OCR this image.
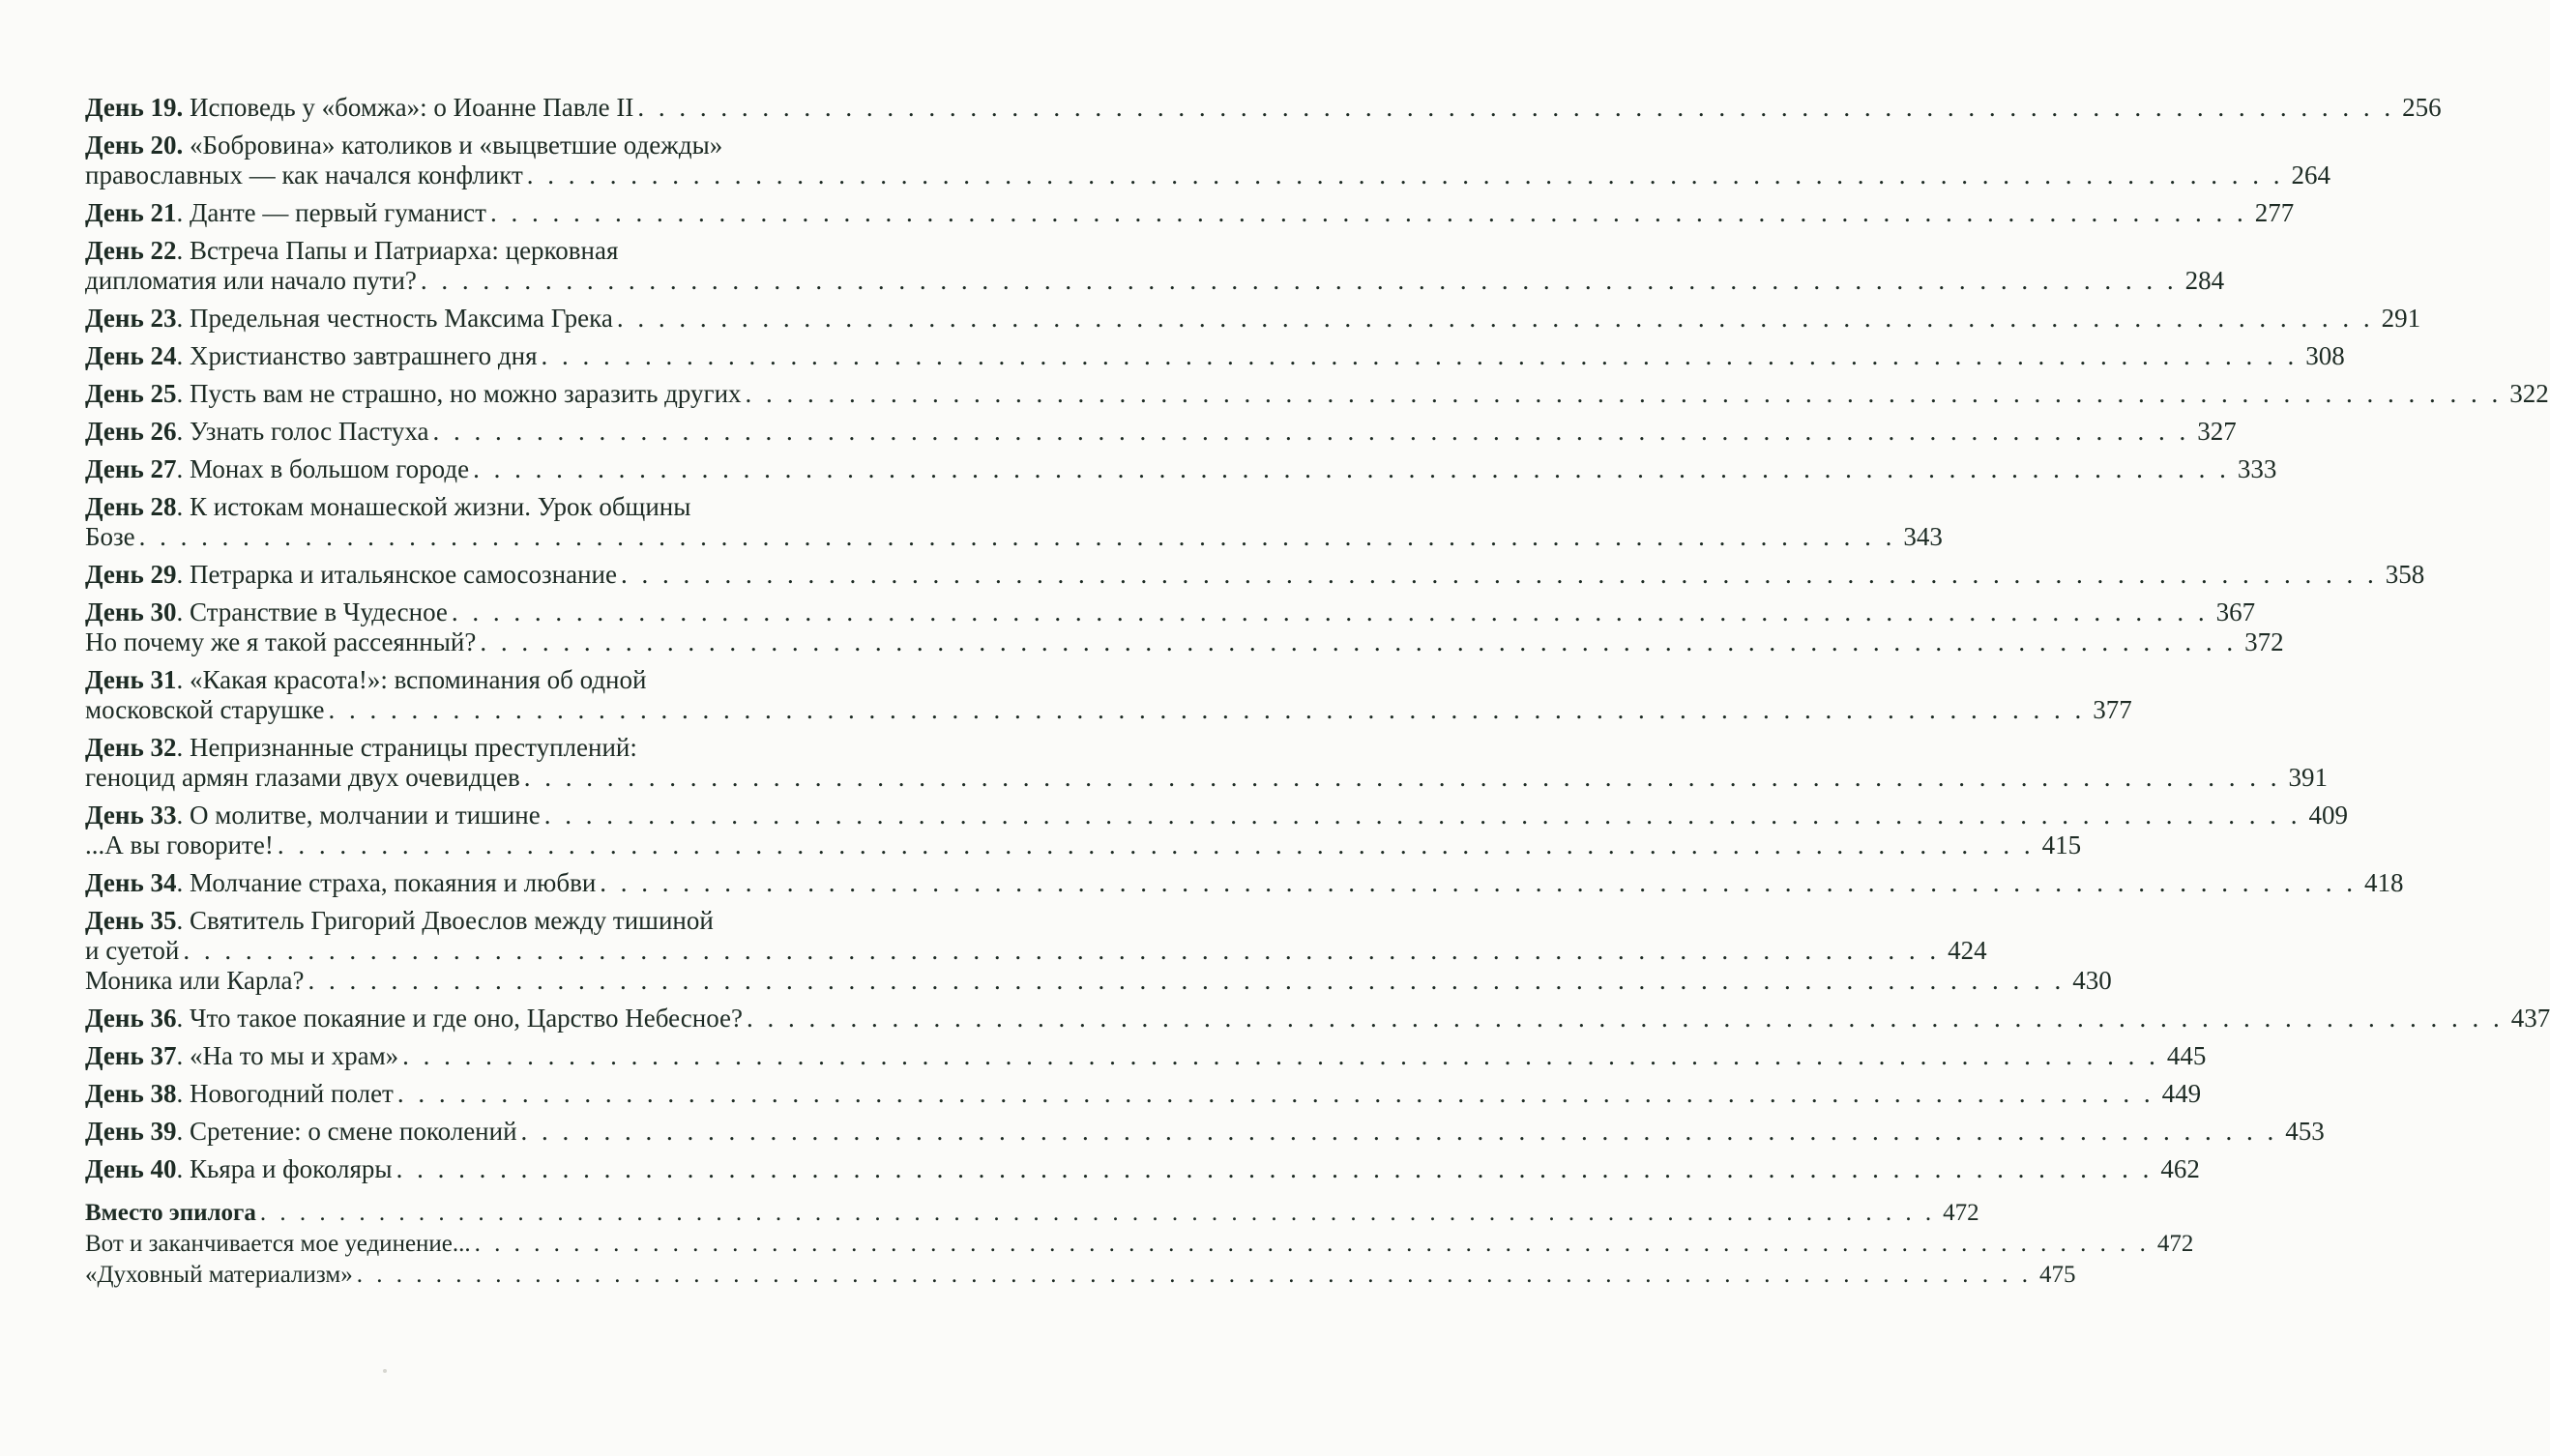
День 19. Исповедь у «бомжа»: о Иоанне Павле II . . . . . . . . . . . . . . . . . . . . . . . . . . . . . . . . . . . . . . . . . . . . . . . . . . . . . . . . . . . . . . . . . . . . . . . . . . . . . . . . . . . . . 256
День 20. «Бобровина» католиков и «выцветшие одежды»
православных — как начался конфликт . . . . . . . . . . . . . . . . . . . . . . . . . . . . . . . . . . . . . . . . . . . . . . . . . . . . . . . . . . . . . . . . . . . . . . . . . . . . . . . . . . . . . 264
День 21. Данте — первый гуманист . . . . . . . . . . . . . . . . . . . . . . . . . . . . . . . . . . . . . . . . . . . . . . . . . . . . . . . . . . . . . . . . . . . . . . . . . . . . . . . . . . . . . 277
День 22. Встреча Папы и Патриарха: церковная
дипломатия или начало пути? . . . . . . . . . . . . . . . . . . . . . . . . . . . . . . . . . . . . . . . . . . . . . . . . . . . . . . . . . . . . . . . . . . . . . . . . . . . . . . . . . . . . . 284
День 23. Предельная честность Максима Грека . . . . . . . . . . . . . . . . . . . . . . . . . . . . . . . . . . . . . . . . . . . . . . . . . . . . . . . . . . . . . . . . . . . . . . . . . . . . . . . . . . . . . 291
День 24. Христианство завтрашнего дня . . . . . . . . . . . . . . . . . . . . . . . . . . . . . . . . . . . . . . . . . . . . . . . . . . . . . . . . . . . . . . . . . . . . . . . . . . . . . . . . . . . . . 308
День 25. Пусть вам не страшно, но можно заразить других . . . . . . . . . . . . . . . . . . . . . . . . . . . . . . . . . . . . . . . . . . . . . . . . . . . . . . . . . . . . . . . . . . . . . . . . . . . . . . . . . . . . . 322
День 26. Узнать голос Пастуха . . . . . . . . . . . . . . . . . . . . . . . . . . . . . . . . . . . . . . . . . . . . . . . . . . . . . . . . . . . . . . . . . . . . . . . . . . . . . . . . . . . . . 327
День 27. Монах в большом городе . . . . . . . . . . . . . . . . . . . . . . . . . . . . . . . . . . . . . . . . . . . . . . . . . . . . . . . . . . . . . . . . . . . . . . . . . . . . . . . . . . . . . 333
День 28. К истокам монашеской жизни. Урок общины
Бозе . . . . . . . . . . . . . . . . . . . . . . . . . . . . . . . . . . . . . . . . . . . . . . . . . . . . . . . . . . . . . . . . . . . . . . . . . . . . . . . . . . . . . 343
День 29. Петрарка и итальянское самосознание . . . . . . . . . . . . . . . . . . . . . . . . . . . . . . . . . . . . . . . . . . . . . . . . . . . . . . . . . . . . . . . . . . . . . . . . . . . . . . . . . . . . . 358
День 30. Странствие в Чудесное . . . . . . . . . . . . . . . . . . . . . . . . . . . . . . . . . . . . . . . . . . . . . . . . . . . . . . . . . . . . . . . . . . . . . . . . . . . . . . . . . . . . . 367
Но почему же я такой рассеянный? . . . . . . . . . . . . . . . . . . . . . . . . . . . . . . . . . . . . . . . . . . . . . . . . . . . . . . . . . . . . . . . . . . . . . . . . . . . . . . . . . . . . . 372
День 31. «Какая красота!»: вспоминания об одной
московской старушке . . . . . . . . . . . . . . . . . . . . . . . . . . . . . . . . . . . . . . . . . . . . . . . . . . . . . . . . . . . . . . . . . . . . . . . . . . . . . . . . . . . . . 377
День 32. Непризнанные страницы преступлений:
геноцид армян глазами двух очевидцев . . . . . . . . . . . . . . . . . . . . . . . . . . . . . . . . . . . . . . . . . . . . . . . . . . . . . . . . . . . . . . . . . . . . . . . . . . . . . . . . . . . . . 391
День 33. О молитве, молчании и тишине . . . . . . . . . . . . . . . . . . . . . . . . . . . . . . . . . . . . . . . . . . . . . . . . . . . . . . . . . . . . . . . . . . . . . . . . . . . . . . . . . . . . . 409
...А вы говорите! . . . . . . . . . . . . . . . . . . . . . . . . . . . . . . . . . . . . . . . . . . . . . . . . . . . . . . . . . . . . . . . . . . . . . . . . . . . . . . . . . . . . . 415
День 34. Молчание страха, покаяния и любви . . . . . . . . . . . . . . . . . . . . . . . . . . . . . . . . . . . . . . . . . . . . . . . . . . . . . . . . . . . . . . . . . . . . . . . . . . . . . . . . . . . . . 418
День 35. Святитель Григорий Двоеслов между тишиной
и суетой . . . . . . . . . . . . . . . . . . . . . . . . . . . . . . . . . . . . . . . . . . . . . . . . . . . . . . . . . . . . . . . . . . . . . . . . . . . . . . . . . . . . . 424
Моника или Карла? . . . . . . . . . . . . . . . . . . . . . . . . . . . . . . . . . . . . . . . . . . . . . . . . . . . . . . . . . . . . . . . . . . . . . . . . . . . . . . . . . . . . . 430
День 36. Что такое покаяние и где оно, Царство Небесное? . . . . . . . . . . . . . . . . . . . . . . . . . . . . . . . . . . . . . . . . . . . . . . . . . . . . . . . . . . . . . . . . . . . . . . . . . . . . . . . . . . . . . 437
День 37. «На то мы и храм» . . . . . . . . . . . . . . . . . . . . . . . . . . . . . . . . . . . . . . . . . . . . . . . . . . . . . . . . . . . . . . . . . . . . . . . . . . . . . . . . . . . . . 445
День 38. Новогодний полет . . . . . . . . . . . . . . . . . . . . . . . . . . . . . . . . . . . . . . . . . . . . . . . . . . . . . . . . . . . . . . . . . . . . . . . . . . . . . . . . . . . . . 449
День 39. Сретение: о смене поколений . . . . . . . . . . . . . . . . . . . . . . . . . . . . . . . . . . . . . . . . . . . . . . . . . . . . . . . . . . . . . . . . . . . . . . . . . . . . . . . . . . . . . 453
День 40. Кьяра и фоколяры . . . . . . . . . . . . . . . . . . . . . . . . . . . . . . . . . . . . . . . . . . . . . . . . . . . . . . . . . . . . . . . . . . . . . . . . . . . . . . . . . . . . . 462
Вместо эпилога . . . . . . . . . . . . . . . . . . . . . . . . . . . . . . . . . . . . . . . . . . . . . . . . . . . . . . . . . . . . . . . . . . . . . . . . . . . . . . . . . . . . . 472
Вот и заканчивается мое уединение... . . . . . . . . . . . . . . . . . . . . . . . . . . . . . . . . . . . . . . . . . . . . . . . . . . . . . . . . . . . . . . . . . . . . . . . . . . . . . . . . . . . . . 472
«Духовный материализм» . . . . . . . . . . . . . . . . . . . . . . . . . . . . . . . . . . . . . . . . . . . . . . . . . . . . . . . . . . . . . . . . . . . . . . . . . . . . . . . . . . . . . 475
